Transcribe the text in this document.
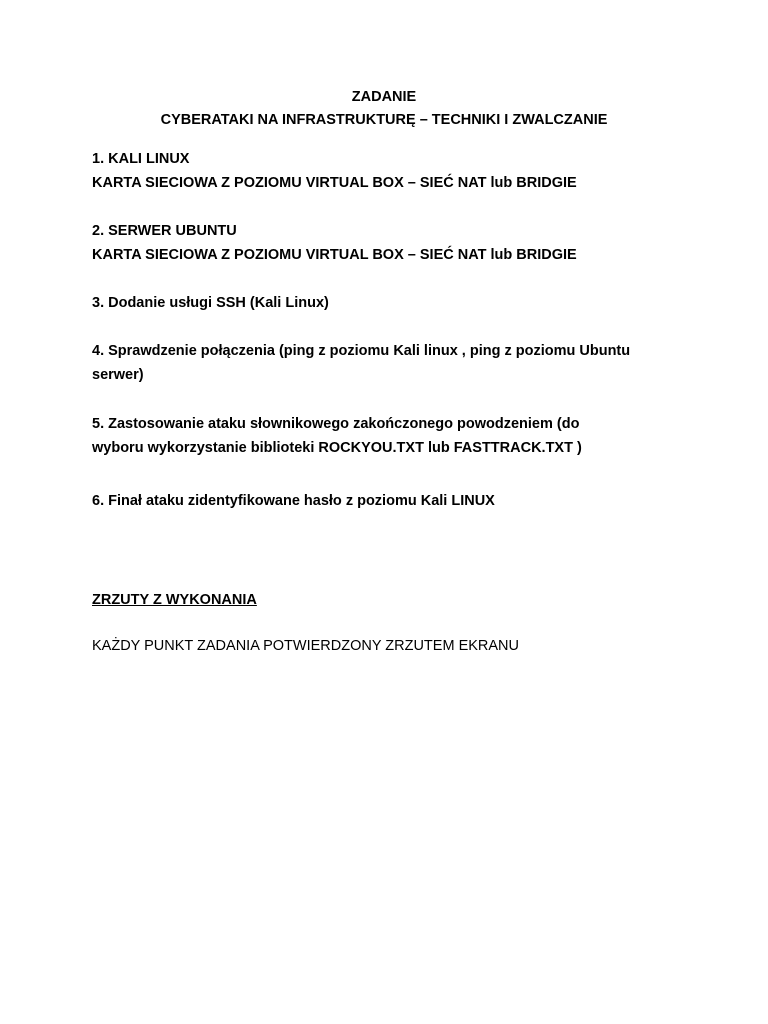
ZADANIE
CYBERATAKI NA INFRASTRUKTURĘ – TECHNIKI I ZWALCZANIE
1. KALI LINUX
KARTA SIECIOWA Z POZIOMU VIRTUAL BOX – SIEĆ NAT lub BRIDGIE
2. SERWER UBUNTU
KARTA SIECIOWA Z POZIOMU VIRTUAL BOX – SIEĆ NAT lub BRIDGIE
3. Dodanie usługi SSH (Kali Linux)
4. Sprawdzenie połączenia (ping z poziomu Kali linux , ping z poziomu Ubuntu
serwer)
5. Zastosowanie ataku słownikowego zakończonego powodzeniem (do
wyboru wykorzystanie biblioteki ROCKYOU.TXT lub FASTTRACK.TXT )
6. Finał ataku zidentyfikowane hasło z poziomu Kali LINUX
ZRZUTY Z WYKONANIA
KAŻDY PUNKT ZADANIA POTWIERDZONY ZRZUTEM EKRANU
